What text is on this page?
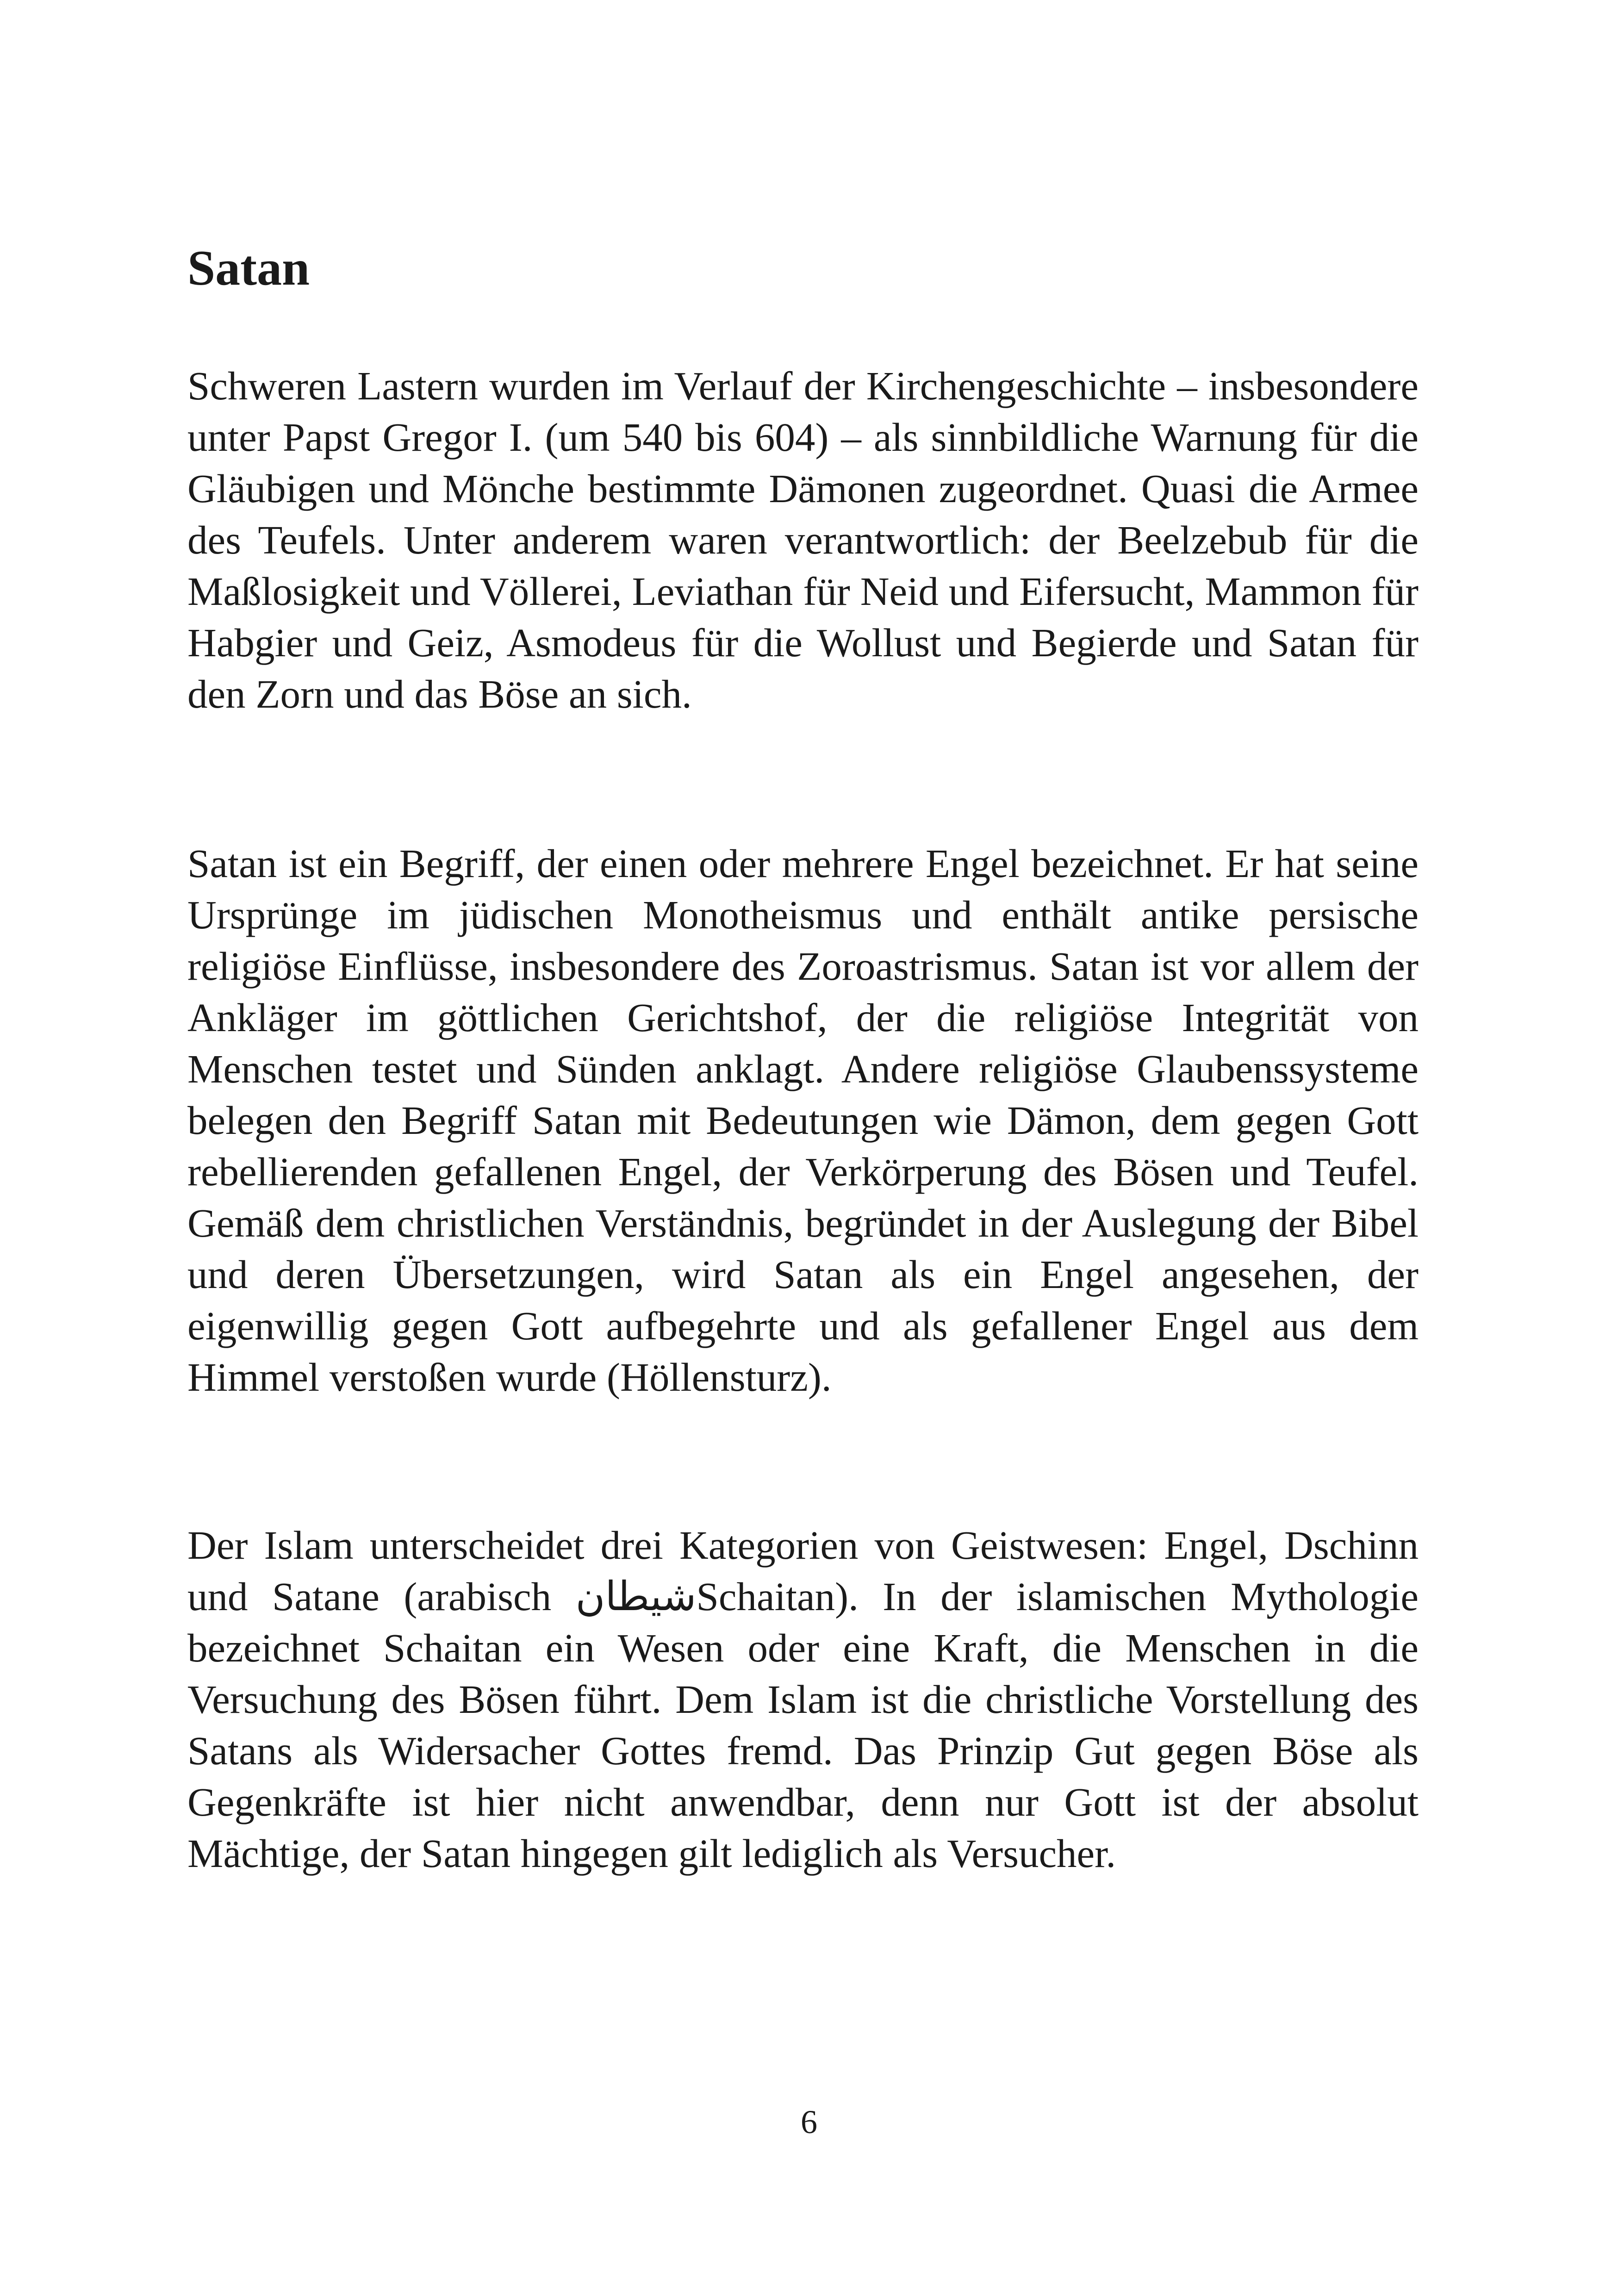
Satan

Schweren Lastern wurden im Verlauf der Kirchengeschichte – insbesondere unter Papst Gregor I. (um 540 bis 604) – als sinnbildliche Warnung für die Gläubigen und Mönche bestimmte Dämonen zugeordnet. Quasi die Armee des Teufels. Unter anderem waren verantwortlich: der Beelzebub für die Maßlosigkeit und Völlerei, Leviathan für Neid und Eifersucht, Mammon für Habgier und Geiz, Asmodeus für die Wollust und Begierde und Satan für den Zorn und das Böse an sich.

Satan ist ein Begriff, der einen oder mehrere Engel bezeichnet. Er hat seine Ursprünge im jüdischen Monotheismus und enthält antike persische religiöse Einflüsse, insbesondere des Zoroastrismus. Satan ist vor allem der Ankläger im göttlichen Gerichtshof, der die religiöse Integrität von Menschen testet und Sünden anklagt. Andere religiöse Glaubenssysteme belegen den Begriff Satan mit Bedeutungen wie Dämon, dem gegen Gott rebellierenden gefallenen Engel, der Verkörperung des Bösen und Teufel. Gemäß dem christlichen Verständnis, begründet in der Auslegung der Bibel und deren Übersetzungen, wird Satan als ein Engel angesehen, der eigenwillig gegen Gott aufbegehrte und als gefallener Engel aus dem Himmel verstoßen wurde (Höllensturz).

Der Islam unterscheidet drei Kategorien von Geistwesen: Engel, Dschinn und Satane (arabisch شيطانSchaitan). In der islamischen Mythologie bezeichnet Schaitan ein Wesen oder eine Kraft, die Menschen in die Versuchung des Bösen führt. Dem Islam ist die christliche Vorstellung des Satans als Widersacher Gottes fremd. Das Prinzip Gut gegen Böse als Gegenkräfte ist hier nicht anwendbar, denn nur Gott ist der absolut Mächtige, der Satan hingegen gilt lediglich als Versucher.

6
